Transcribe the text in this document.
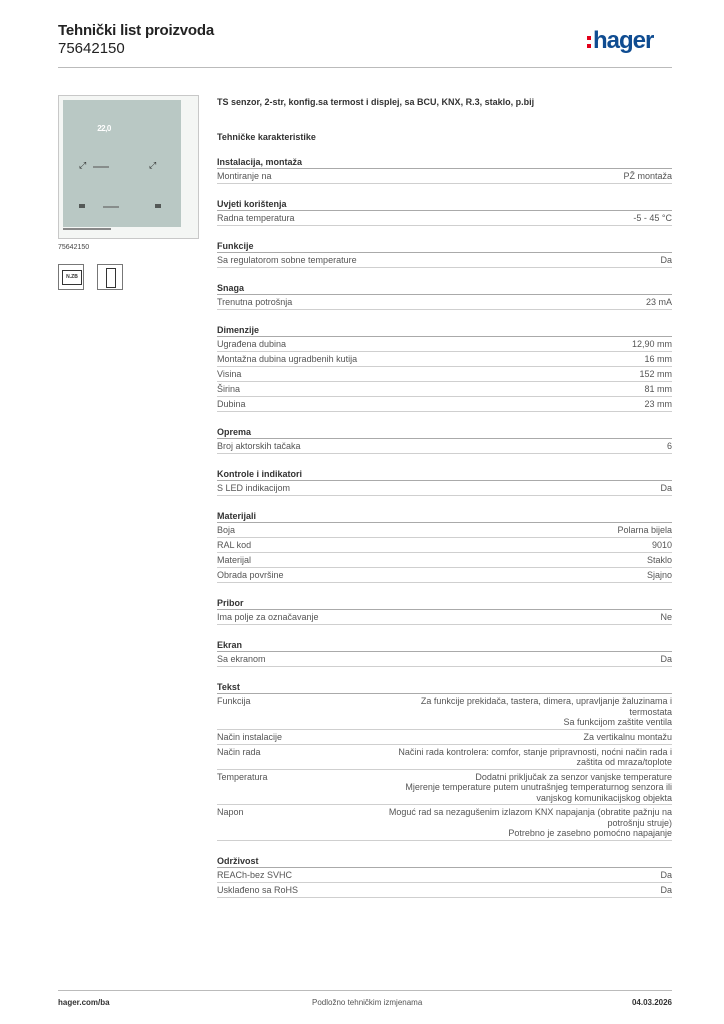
Tehnički list proizvoda
75642150	hager
22,0
⤢	⤢
75642150
N.ZB
TS senzor, 2-str, konfig.sa termost i displej, sa BCU, KNX, R.3, staklo, p.bij
Tehničke karakteristike
Instalacija, montaža
Montiranje na	PŽ montaža
Uvjeti korištenja
Radna temperatura	-5 - 45 °C
Funkcije
Sa regulatorom sobne temperature	Da
Snaga
Trenutna potrošnja	23 mA
Dimenzije
Ugrađena dubina	12,90 mm
Montažna dubina ugradbenih kutija	16 mm
Visina	152 mm
Širina	81 mm
Dubina	23 mm
Oprema
Broj aktorskih tačaka	6
Kontrole i indikatori
S LED indikacijom	Da
Materijali
Boja	Polarna bijela
RAL kod	9010
Materijal	Staklo
Obrada površine	Sjajno
Pribor
Ima polje za označavanje	Ne
Ekran
Sa ekranom	Da
Tekst
Funkcija	Za funkcije prekidača, tastera, dimera, upravljanje žaluzinama i
termostata
Sa funkcijom zaštite ventila
Način instalacije	Za vertikalnu montažu
Način rada	Načini rada kontrolera: comfor, stanje pripravnosti, noćni način rada i
zaštita od mraza/toplote
Temperatura	Dodatni priključak za senzor vanjske temperature
Mjerenje temperature putem unutrašnjeg temperaturnog senzora ili
vanjskog komunikacijskog objekta
Napon	Moguć rad sa nezagušenim izlazom KNX napajanja (obratite pažnju na
potrošnju struje)
Potrebno je zasebno pomoćno napajanje
Održivost
REACh-bez SVHC	Da
Usklađeno sa RoHS	Da
hager.com/ba	Podložno tehničkim izmjenama	04.03.2026
